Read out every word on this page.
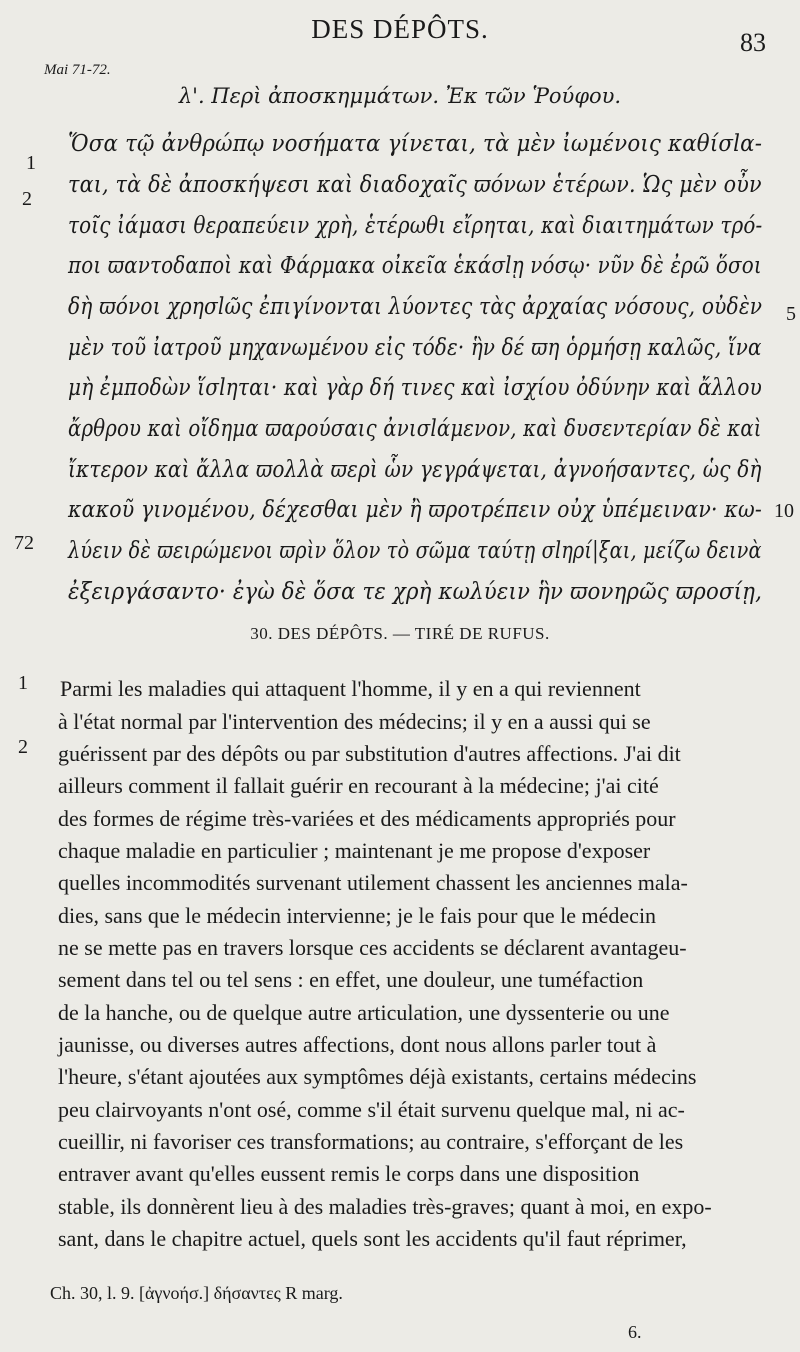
DES DÉPÔTS.	83
Mai 71-72.
λ'. Περὶ ἀποσκημμάτων. Ἐκ τῶν Ῥούφου.
Ὅσα τῷ ἀνθρώπῳ νοσήματα γίνεται, τὰ μὲν ἰωμένοις καθίσlα-
ται, τὰ δὲ ἀποσκήψεσι καὶ διαδοχαῖς ϖόνων ἑτέρων. Ὡς μὲν οὖν
τοῖς ἰάμασι θεραπεύειν χρὴ, ἑτέρωθι εἴρηται, καὶ διαιτημάτων τρό-
ποι ϖαντοδαποὶ καὶ Φάρμακα οἰκεῖα ἑκάσlῃ νόσῳ· νῦν δὲ ἐρῶ ὅσοι
δὴ ϖόνοι χρησlῶς ἐπιγίνονται λύοντες τὰς ἀρχαίας νόσους, οὐδὲν
μὲν τοῦ ἰατροῦ μηχανωμένου εἰς τόδε· ἣν δέ ϖη ὁρμήσῃ καλῶς, ἵνα
μὴ ἐμποδὼν ἵσlηται· καὶ γὰρ δή τινες καὶ ἰσχίου ὀδύνην καὶ ἄλλου
ἄρθρου καὶ οἴδημα ϖαρούσαις ἀνισlάμενον, καὶ δυσεντερίαν δὲ καὶ
ἴκτερον καὶ ἄλλα ϖολλὰ ϖερὶ ὧν γεγράψεται, ἀγνοήσαντες, ὡς δὴ
κακοῦ γινομένου, δέχεσθαι μὲν ἢ ϖροτρέπειν οὐχ ὑπέμειναν· κω-
λύειν δὲ ϖειρώμενοι ϖρὶν ὅλον τὸ σῶμα ταύτῃ σlηρί|ξαι, μείζω δεινὰ
ἐξειργάσαντο· ἐγὼ δὲ ὅσα τε χρὴ κωλύειν ἣν ϖονηρῶς ϖροσίῃ,
1
2
5
10
72
30. DES DÉPÔTS. — TIRÉ DE RUFUS.
Parmi les maladies qui attaquent l'homme, il y en a qui reviennent
à l'état normal par l'intervention des médecins; il y en a aussi qui se
guérissent par des dépôts ou par substitution d'autres affections. J'ai dit
ailleurs comment il fallait guérir en recourant à la médecine; j'ai cité
des formes de régime très-variées et des médicaments appropriés pour
chaque maladie en particulier ; maintenant je me propose d'exposer
quelles incommodités survenant utilement chassent les anciennes mala-
dies, sans que le médecin intervienne; je le fais pour que le médecin
ne se mette pas en travers lorsque ces accidents se déclarent avantageu-
sement dans tel ou tel sens : en effet, une douleur, une tuméfaction
de la hanche, ou de quelque autre articulation, une dyssenterie ou une
jaunisse, ou diverses autres affections, dont nous allons parler tout à
l'heure, s'étant ajoutées aux symptômes déjà existants, certains médecins
peu clairvoyants n'ont osé, comme s'il était survenu quelque mal, ni ac-
cueillir, ni favoriser ces transformations; au contraire, s'efforçant de les
entraver avant qu'elles eussent remis le corps dans une disposition
stable, ils donnèrent lieu à des maladies très-graves; quant à moi, en expo-
sant, dans le chapitre actuel, quels sont les accidents qu'il faut réprimer,
1
2
Ch. 30, l. 9. [ἀγνοήσ.] δήσαντες R marg.
6.
